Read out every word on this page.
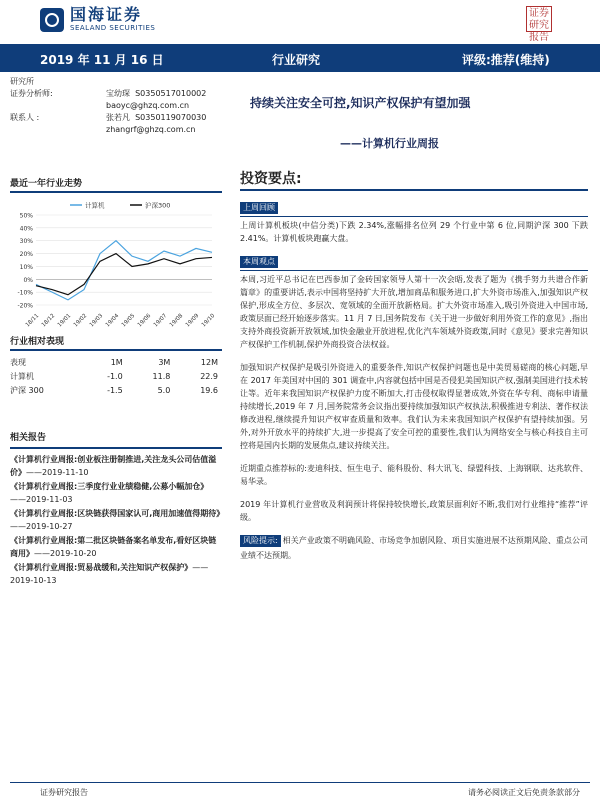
国海证券
SEALAND SECURITIES
证券研究报告
2019 年 11 月 16 日	行业研究	评级:推荐(维持)
研究所
证券分析师:	宝幼琛 S0350517010002
baoyc@ghzq.com.cn
联系人 :	张若凡 S0350119070030
zhangrf@ghzq.com.cn
持续关注安全可控,知识产权保护有望加强
——计算机行业周报
最近一年行业走势
50%
40%
30%
20%
10%
0%
-10%
-20%
18/11 18/12 19/01 19/02 19/03 19/04 19/05 19/06 19/07 19/08 19/09 19/10
计算机	沪深300
行业相对表现
表现	1M	3M	12M
计算机	-1.0	11.8	22.9
沪深 300	-1.5	5.0	19.6
相关报告
《计算机行业周报:创业板注册制推进,关注龙头公司估值溢价》——2019-11-10
《计算机行业周报:三季度行业业绩稳健,公募小幅加仓》——2019-11-03
《计算机行业周报:区块链获得国家认可,商用加速值得期待》——2019-10-27
《计算机行业周报:第二批区块链备案名单发布,看好区块链商用》——2019-10-20
《计算机行业周报:贸易战缓和,关注知识产权保护》——2019-10-13
投资要点:
上周回顾

上周计算机板块(中信分类)下跌 2.34%,涨幅排名位列 29 个行业中第 6 位,同期沪深 300 下跌 2.41%。计算机板块跑赢大盘。

本周观点

本周,习近平总书记在巴西参加了金砖国家领导人第十一次会晤,发表了题为《携手努力共谱合作新篇章》的重要讲话,表示中国将坚持扩大开放,增加商品和服务进口,扩大外资市场准入,加强知识产权保护,形成全方位、多层次、宽领域的全面开放新格局。扩大外资市场准入,吸引外资进入中国市场,政策层面已经开始逐步落实。11 月 7 日,国务院发布《关于进一步做好利用外资工作的意见》,指出支持外商投资新开放领域,加快金融业开放进程,优化汽车领域外资政策,同时《意见》要求完善知识产权保护工作机制,保护外商投资合法权益。

加强知识产权保护是吸引外资进入的重要条件,知识产权保护问题也是中美贸易磋商的核心问题,早在 2017 年美国对中国的 301 调查中,内容就包括中国是否侵犯美国知识产权,强制美国进行技术转让等。近年来我国知识产权保护力度不断加大,打击侵权取得显著成效,外资在华专利、商标申请量持续增长,2019 年 7 月,国务院常务会议指出要持续加强知识产权执法,积极推进专利法、著作权法修改进程,继续提升知识产权审查质量和效率。我们认为未来我国知识产权保护有望持续加强。另外,对外开放水平的持续扩大,进一步提高了安全可控的重要性,我们认为网络安全与核心科技自主可控将是国内长期的发展焦点,建议持续关注。

近期重点推荐标的:麦迪科技、恒生电子、能科股份、科大讯飞、绿盟科技、上海钢联、达兆软件、易华录。

2019 年计算机行业营收及利润预计将保持较快增长,政策层面利好不断,我们对行业维持“推荐”评级。

风险提示: 相关产业政策不明确风险、市场竞争加剧风险、项目实施进展不达预期风险、重点公司业绩不达预期。

证券研究报告	请务必阅读正文后免责条款部分
